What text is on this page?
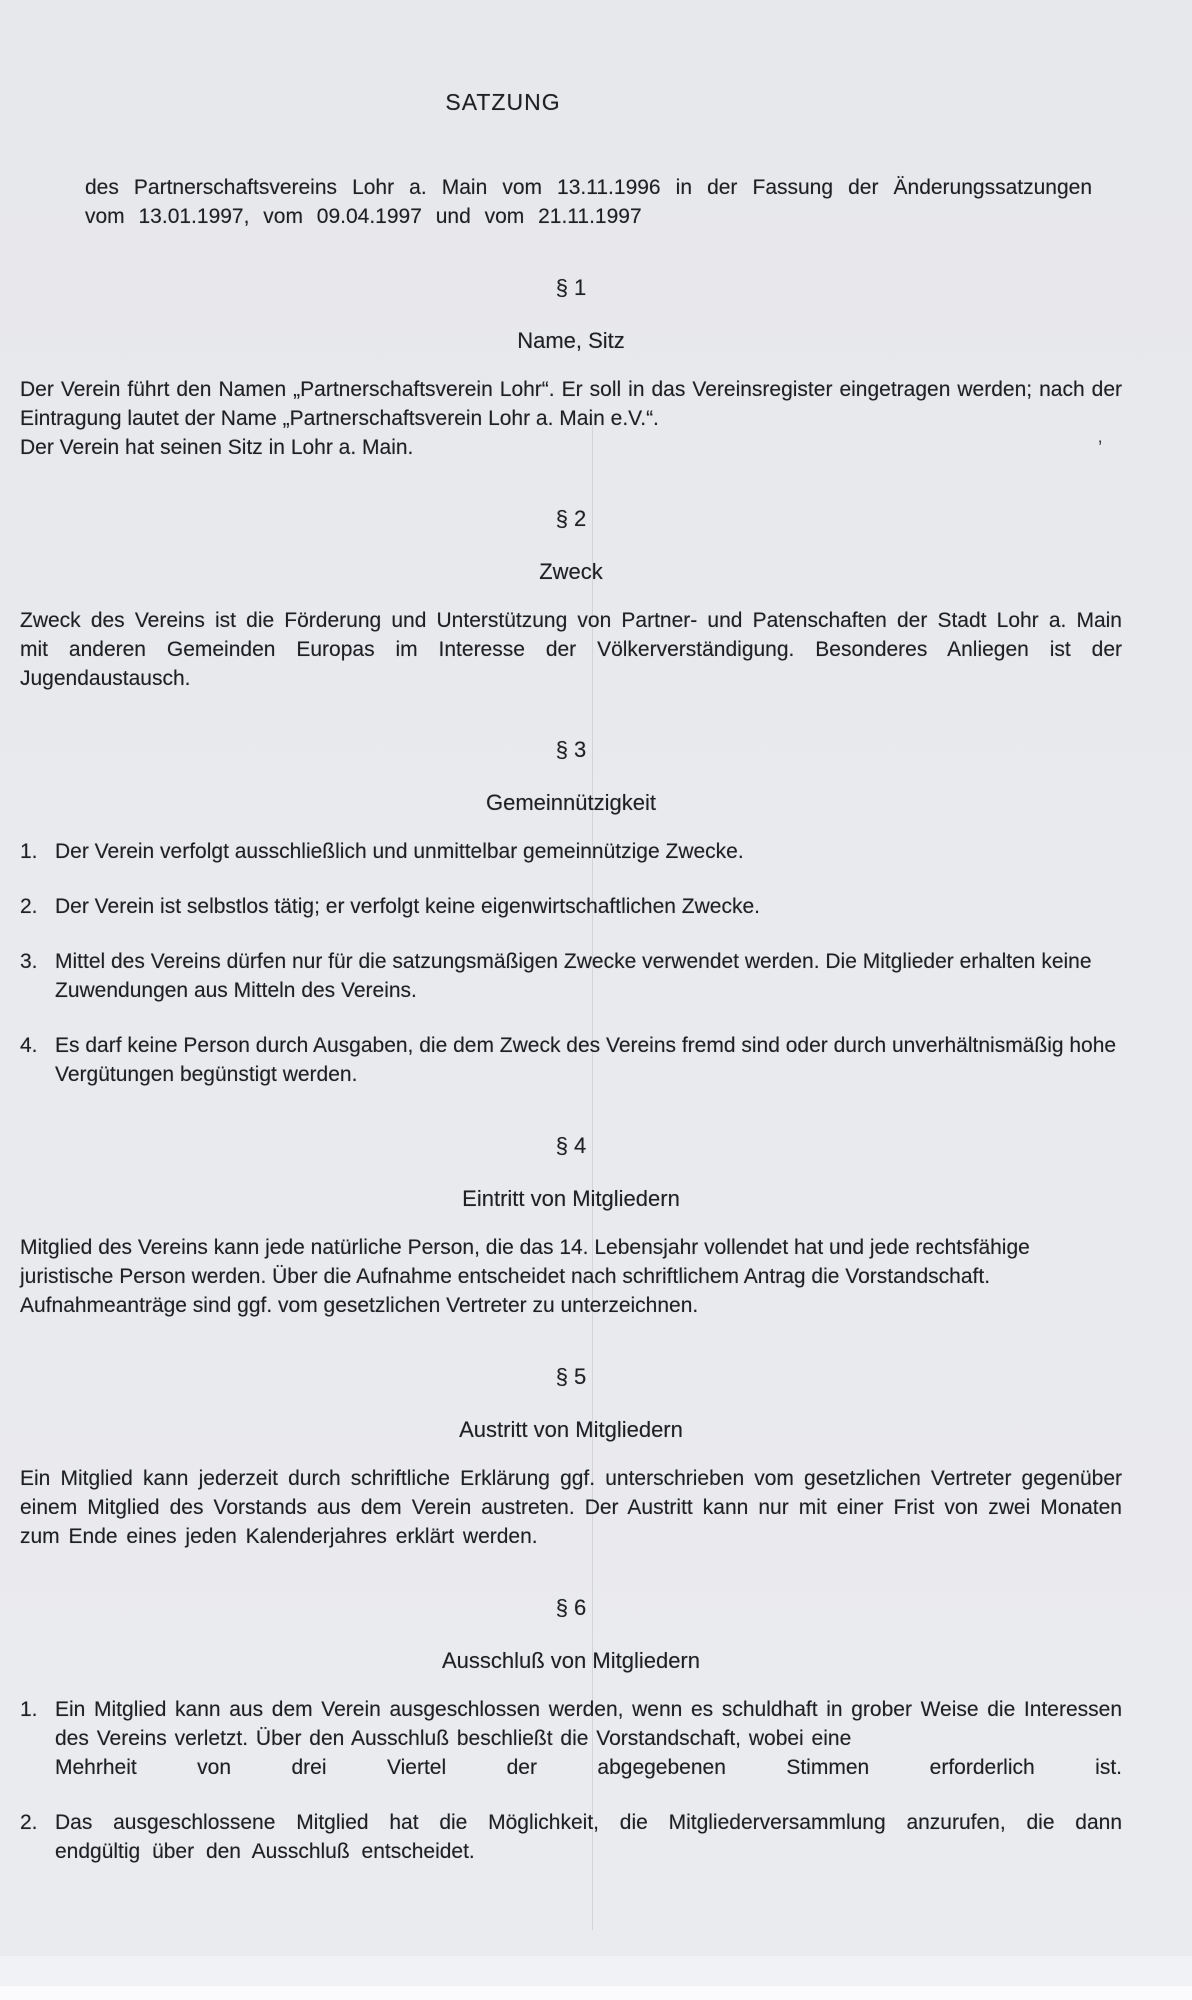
SATZUNG
des Partnerschaftsvereins Lohr a. Main vom 13.11.1996 in der Fassung der Änderungssatzungen vom 13.01.1997, vom 09.04.1997 und vom 21.11.1997
§ 1
Name, Sitz
Der Verein führt den Namen „Partnerschaftsverein Lohr“. Er soll in das Vereinsregister eingetragen werden; nach der Eintragung lautet der Name „Partnerschaftsverein Lohr a. Main e.V.“.
Der Verein hat seinen Sitz in Lohr a. Main.
§ 2
Zweck
Zweck des Vereins ist die Förderung und Unterstützung von Partner- und Patenschaften der Stadt Lohr a. Main mit anderen Gemeinden Europas im Interesse der Völkerverständigung. Besonderes Anliegen ist der Jugendaustausch.
§ 3
Gemeinnützigkeit
1. Der Verein verfolgt ausschließlich und unmittelbar gemeinnützige Zwecke.
2. Der Verein ist selbstlos tätig; er verfolgt keine eigenwirtschaftlichen Zwecke.
3. Mittel des Vereins dürfen nur für die satzungsmäßigen Zwecke verwendet werden. Die Mitglieder erhalten keine Zuwendungen aus Mitteln des Vereins.
4. Es darf keine Person durch Ausgaben, die dem Zweck des Vereins fremd sind oder durch unverhältnismäßig hohe Vergütungen begünstigt werden.
§ 4
Eintritt von Mitgliedern
Mitglied des Vereins kann jede natürliche Person, die das 14. Lebensjahr vollendet hat und jede rechtsfähige juristische Person werden. Über die Aufnahme entscheidet nach schriftlichem Antrag die Vorstandschaft. Aufnahmeanträge sind ggf. vom gesetzlichen Vertreter zu unterzeichnen.
§ 5
Austritt von Mitgliedern
Ein Mitglied kann jederzeit durch schriftliche Erklärung ggf. unterschrieben vom gesetzlichen Vertreter gegenüber einem Mitglied des Vorstands aus dem Verein austreten. Der Austritt kann nur mit einer Frist von zwei Monaten zum Ende eines jeden Kalenderjahres erklärt werden.
§ 6
Ausschluß von Mitgliedern
1. Ein Mitglied kann aus dem Verein ausgeschlossen werden, wenn es schuldhaft in grober Weise die Interessen des Vereins verletzt. Über den Ausschluß beschließt die Vorstandschaft, wobei eine
Mehrheit von drei Viertel der abgegebenen Stimmen erforderlich ist.
2. Das ausgeschlossene Mitglied hat die Möglichkeit, die Mitgliederversammlung anzurufen, die dann endgültig über den Ausschluß entscheidet.
’
